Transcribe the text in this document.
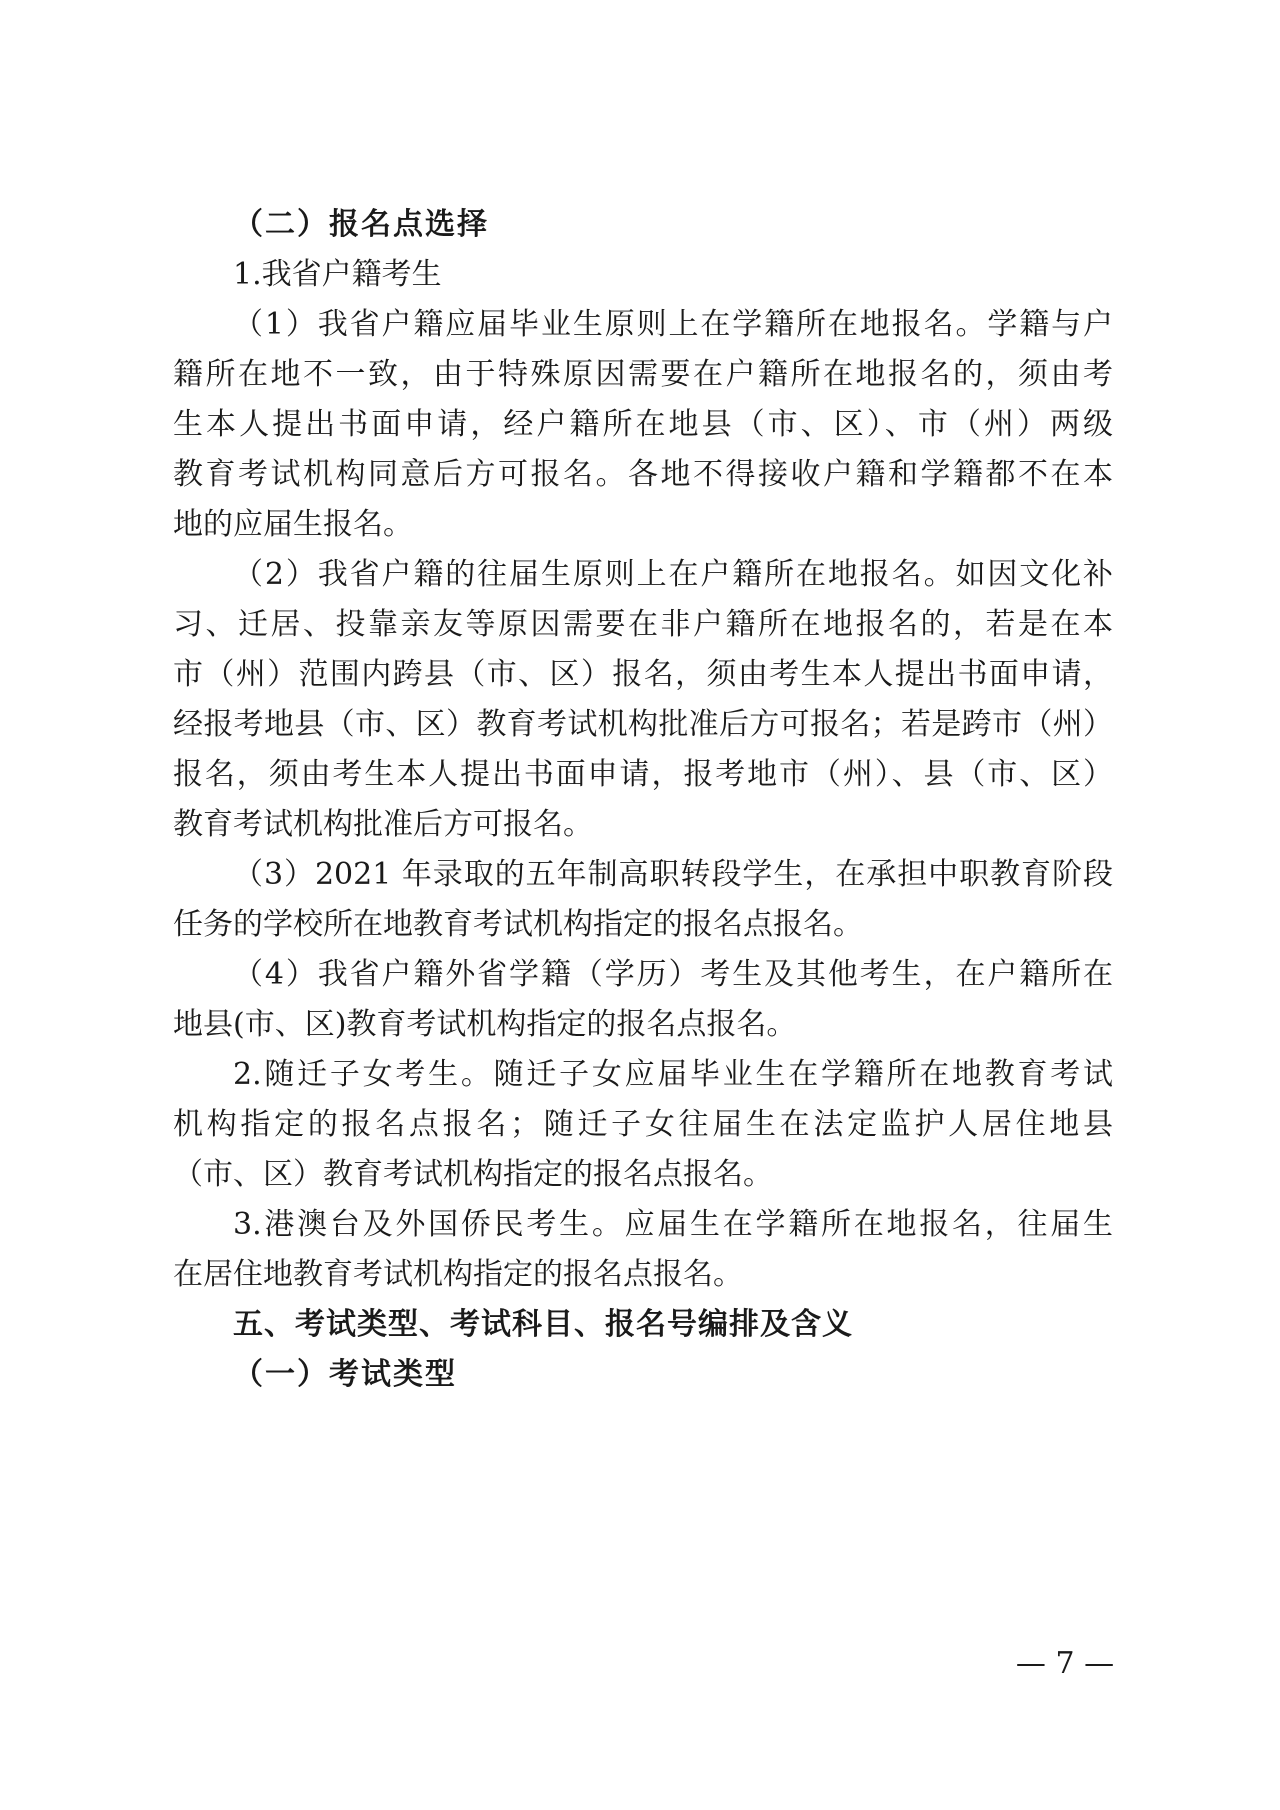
（二）报名点选择
1.我省户籍考生
（1）我省户籍应届毕业生原则上在学籍所在地报名。学籍与户
籍所在地不一致，由于特殊原因需要在户籍所在地报名的，须由考
生本人提出书面申请，经户籍所在地县（市、区）、市（州）两级
教育考试机构同意后方可报名。各地不得接收户籍和学籍都不在本
地的应届生报名。
（2）我省户籍的往届生原则上在户籍所在地报名。如因文化补
习、迁居、投靠亲友等原因需要在非户籍所在地报名的，若是在本
市（州）范围内跨县（市、区）报名，须由考生本人提出书面申请，
经报考地县（市、区）教育考试机构批准后方可报名；若是跨市（州）
报名，须由考生本人提出书面申请，报考地市（州）、县（市、区）
教育考试机构批准后方可报名。
（3）2021 年录取的五年制高职转段学生，在承担中职教育阶段
任务的学校所在地教育考试机构指定的报名点报名。
（4）我省户籍外省学籍（学历）考生及其他考生，在户籍所在
地县(市、区)教育考试机构指定的报名点报名。
2.随迁子女考生。随迁子女应届毕业生在学籍所在地教育考试
机构指定的报名点报名；随迁子女往届生在法定监护人居住地县
（市、区）教育考试机构指定的报名点报名。
3.港澳台及外国侨民考生。应届生在学籍所在地报名，往届生
在居住地教育考试机构指定的报名点报名。
五、考试类型、考试科目、报名号编排及含义
（一）考试类型
— 7 —
